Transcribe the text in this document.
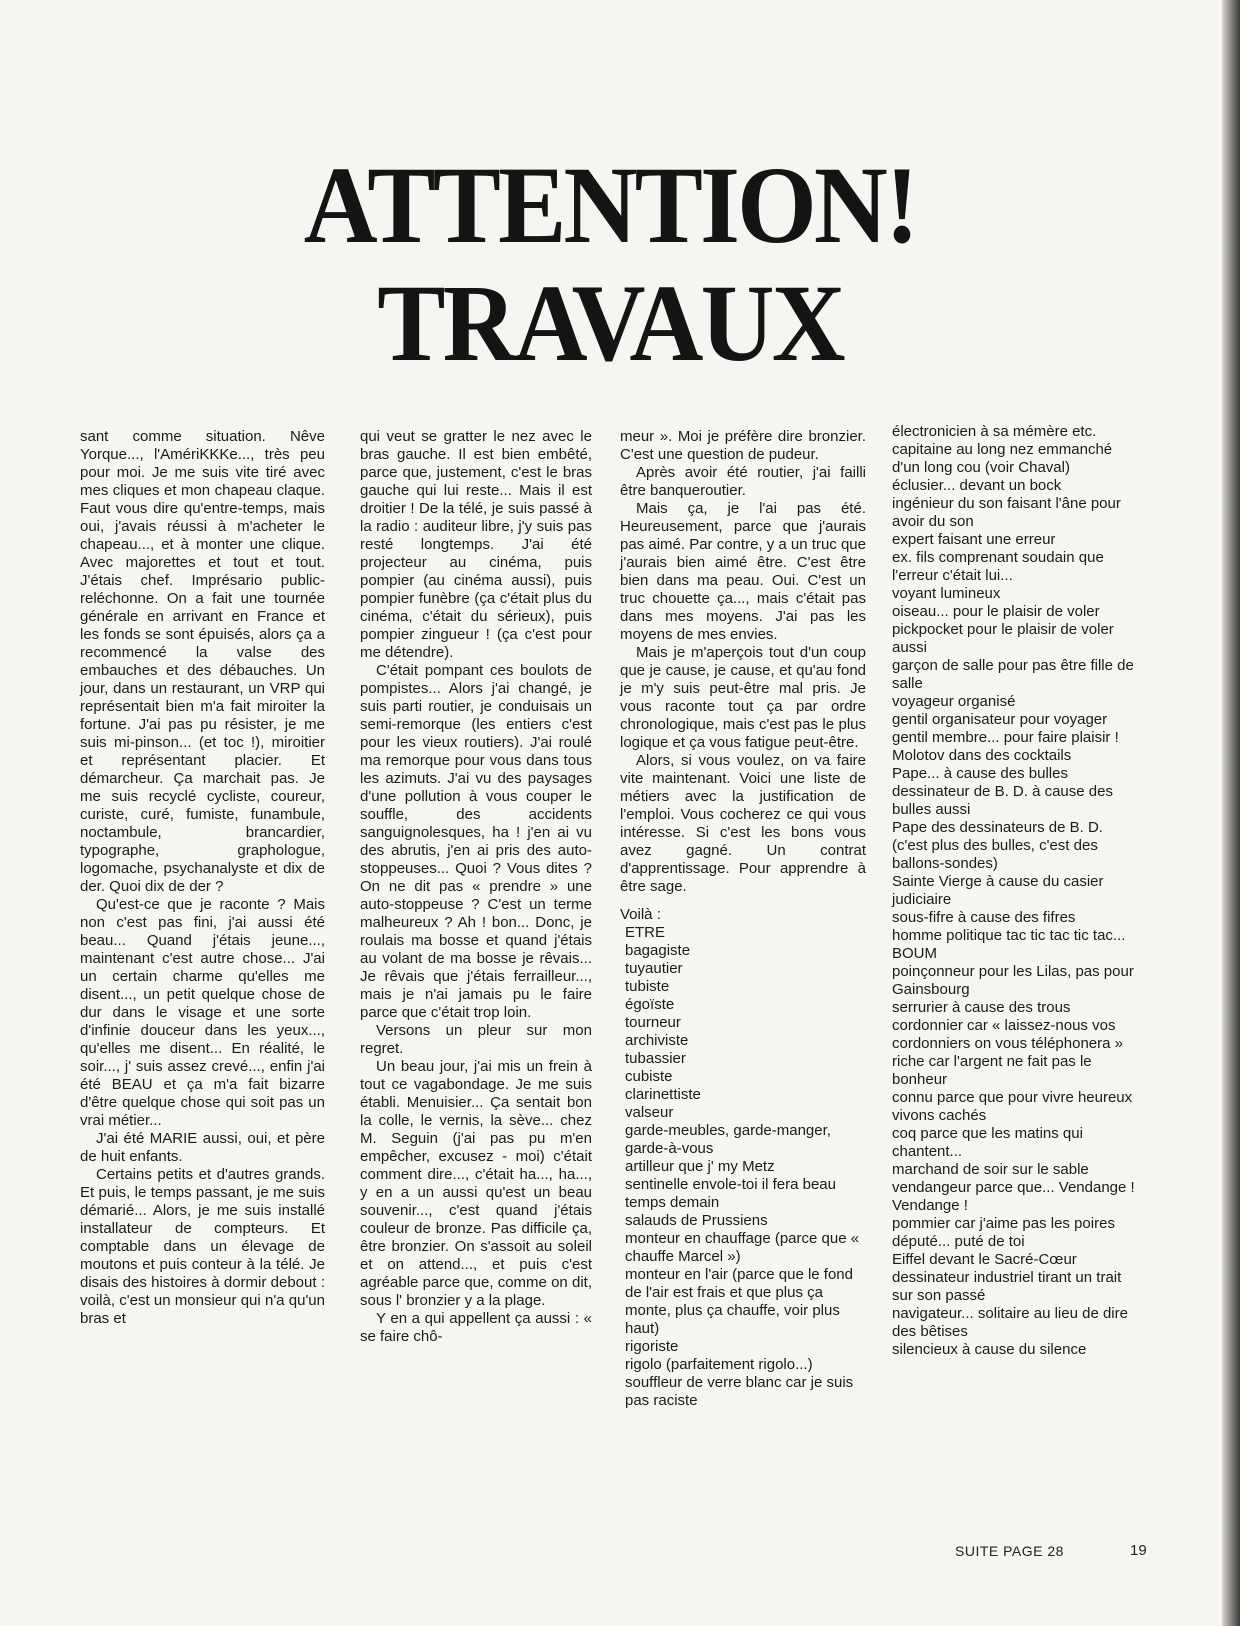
ATTENTION!
TRAVAUX

sant comme situation. Nêve Yorque..., l'AmériKKKe..., très peu pour moi. Je me suis vite tiré avec mes cliques et mon chapeau claque. Faut vous dire qu'entre-temps, mais oui, j'avais réussi à m'acheter le chapeau..., et à monter une clique. Avec majorettes et tout et tout. J'étais chef. Imprésario public-reléchonne. On a fait une tournée générale en arrivant en France et les fonds se sont épuisés, alors ça a recommencé la valse des embauches et des débauches. Un jour, dans un restaurant, un VRP qui représentait bien m'a fait miroiter la fortune. J'ai pas pu résister, je me suis mi-pinson... (et toc !), miroitier et représentant placier. Et démarcheur. Ça marchait pas. Je me suis recyclé cycliste, coureur, curiste, curé, fumiste, funambule, noctambule, brancardier, typographe, graphologue, logomache, psychanalyste et dix de der. Quoi dix de der ?

Qu'est-ce que je raconte ? Mais non c'est pas fini, j'ai aussi été beau... Quand j'étais jeune..., maintenant c'est autre chose... J'ai un certain charme qu'elles me disent..., un petit quelque chose de dur dans le visage et une sorte d'infinie douceur dans les yeux..., qu'elles me disent... En réalité, le soir..., j' suis assez crevé..., enfin j'ai été BEAU et ça m'a fait bizarre d'être quelque chose qui soit pas un vrai métier...

J'ai été MARIE aussi, oui, et père de huit enfants.

Certains petits et d'autres grands. Et puis, le temps passant, je me suis démarié... Alors, je me suis installé installateur de compteurs. Et comptable dans un élevage de moutons et puis conteur à la télé. Je disais des histoires à dormir debout : voilà, c'est un monsieur qui n'a qu'un bras et

qui veut se gratter le nez avec le bras gauche. Il est bien embêté, parce que, justement, c'est le bras gauche qui lui reste... Mais il est droitier ! De la télé, je suis passé à la radio : auditeur libre, j'y suis pas resté longtemps. J'ai été projecteur au cinéma, puis pompier (au cinéma aussi), puis pompier funèbre (ça c'était plus du cinéma, c'était du sérieux), puis pompier zingueur ! (ça c'est pour me détendre).

C'était pompant ces boulots de pompistes... Alors j'ai changé, je suis parti routier, je conduisais un semi-remorque (les entiers c'est pour les vieux routiers). J'ai roulé ma remorque pour vous dans tous les azimuts. J'ai vu des paysages d'une pollution à vous couper le souffle, des accidents sanguignolesques, ha ! j'en ai vu des abrutis, j'en ai pris des auto-stoppeuses... Quoi ? Vous dites ? On ne dit pas « prendre » une auto-stoppeuse ? C'est un terme malheureux ? Ah ! bon... Donc, je roulais ma bosse et quand j'étais au volant de ma bosse je rêvais... Je rêvais que j'étais ferrailleur..., mais je n'ai jamais pu le faire parce que c'était trop loin.

Versons un pleur sur mon regret.

Un beau jour, j'ai mis un frein à tout ce vagabondage. Je me suis établi. Menuisier... Ça sentait bon la colle, le vernis, la sève... chez M. Seguin (j'ai pas pu m'en empêcher, excusez - moi) c'était comment dire..., c'était ha..., ha..., y en a un aussi qu'est un beau souvenir..., c'est quand j'étais couleur de bronze. Pas difficile ça, être bronzier. On s'assoit au soleil et on attend..., et puis c'est agréable parce que, comme on dit, sous l' bronzier y a la plage.

Y en a qui appellent ça aussi : « se faire chô-

meur ». Moi je préfère dire bronzier. C'est une question de pudeur.

Après avoir été routier, j'ai failli être banqueroutier.

Mais ça, je l'ai pas été. Heureusement, parce que j'aurais pas aimé. Par contre, y a un truc que j'aurais bien aimé être. C'est être bien dans ma peau. Oui. C'est un truc chouette ça..., mais c'était pas dans mes moyens. J'ai pas les moyens de mes envies.

Mais je m'aperçois tout d'un coup que je cause, je cause, et qu'au fond je m'y suis peut-être mal pris. Je vous raconte tout ça par ordre chronologique, mais c'est pas le plus logique et ça vous fatigue peut-être.

Alors, si vous voulez, on va faire vite maintenant. Voici une liste de métiers avec la justification de l'emploi. Vous cocherez ce qui vous intéresse. Si c'est les bons vous avez gagné. Un contrat d'apprentissage. Pour apprendre à être sage.

Voilà :

ETRE
bagagiste
tuyautier
tubiste
égoïste
tourneur
archiviste
tubassier
cubiste
clarinettiste
valseur
garde-meubles, garde-manger, garde-à-vous
artilleur que j' my Metz
sentinelle envole-toi il fera beau temps demain
salauds de Prussiens
monteur en chauffage (parce que « chauffe Marcel »)
monteur en l'air (parce que le fond de l'air est frais et que plus ça monte, plus ça chauffe, voir plus haut)
rigoriste
rigolo (parfaitement rigolo...)
souffleur de verre blanc car je suis pas raciste
électronicien à sa mémère etc.
capitaine au long nez emmanché d'un long cou (voir Chaval)
éclusier... devant un bock
ingénieur du son faisant l'âne pour avoir du son
expert faisant une erreur
ex. fils comprenant soudain que l'erreur c'était lui...
voyant lumineux
oiseau... pour le plaisir de voler
pickpocket pour le plaisir de voler aussi
garçon de salle pour pas être fille de salle
voyageur organisé
gentil organisateur pour voyager
gentil membre... pour faire plaisir !
Molotov dans des cocktails
Pape... à cause des bulles
dessinateur de B. D. à cause des bulles aussi
Pape des dessinateurs de B. D. (c'est plus des bulles, c'est des ballons-sondes)
Sainte Vierge à cause du casier judiciaire
sous-fifre à cause des fifres
homme politique tac tic tac tic tac... BOUM
poinçonneur pour les Lilas, pas pour Gainsbourg
serrurier à cause des trous
cordonnier car « laissez-nous vos cordonniers on vous téléphonera »
riche car l'argent ne fait pas le bonheur
connu parce que pour vivre heureux vivons cachés
coq parce que les matins qui chantent...
marchand de soir sur le sable
vendangeur parce que... Vendange ! Vendange !
pommier car j'aime pas les poires
député... puté de toi
Eiffel devant le Sacré-Cœur
dessinateur industriel tirant un trait sur son passé
navigateur... solitaire au lieu de dire des bêtises
silencieux à cause du silence
SUITE PAGE 28	19
